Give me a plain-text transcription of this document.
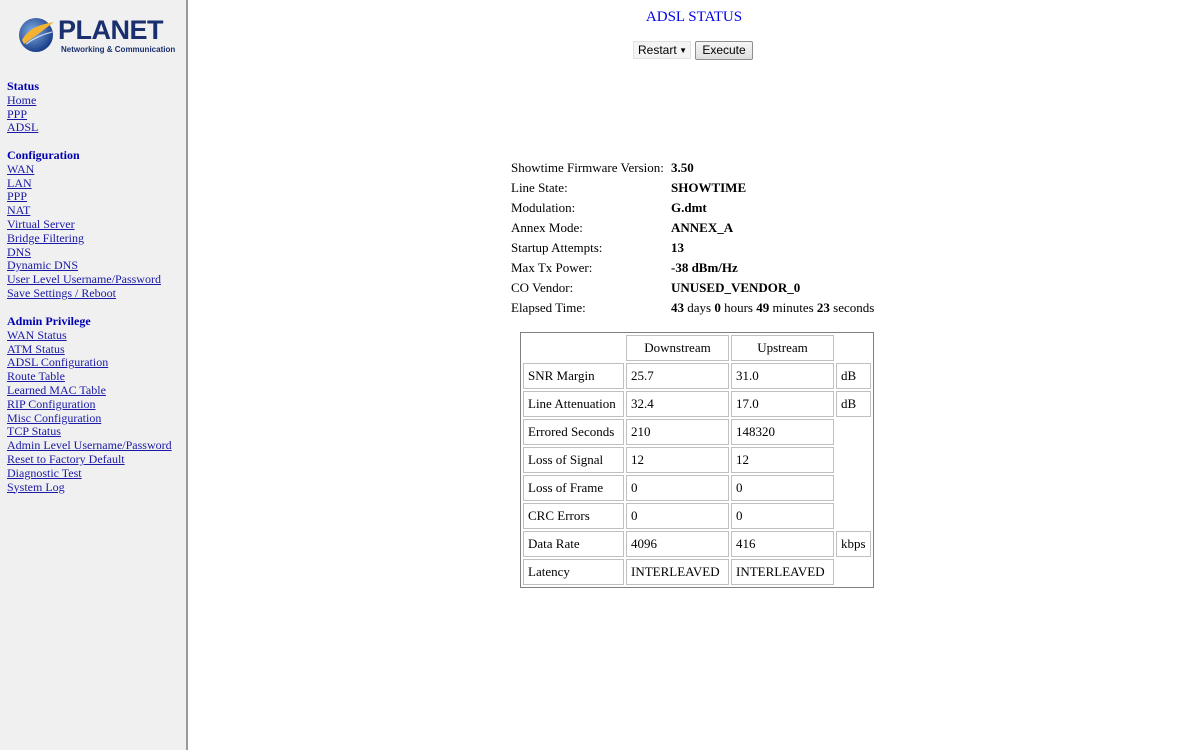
PLANET
Networking & Communication
Status
Home
PPP
ADSL
Configuration
WAN
LAN
PPP
NAT
Virtual Server
Bridge Filtering
DNS
Dynamic DNS
User Level Username/Password
Save Settings / Reboot
Admin Privilege
WAN Status
ATM Status
ADSL Configuration
Route Table
Learned MAC Table
RIP Configuration
Misc Configuration
TCP Status
Admin Level Username/Password
Reset to Factory Default
Diagnostic Test
System Log
ADSL STATUS
Restart ▼	Execute
Showtime Firmware Version: 3.50
Line State:	SHOWTIME
Modulation:	G.dmt
Annex Mode:	ANNEX_A
Startup Attempts:	13
Max Tx Power:	-38 dBm/Hz
CO Vendor:	UNUSED_VENDOR_0
Elapsed Time:	43 days 0 hours 49 minutes 23 seconds
	Downstream	Upstream	
SNR Margin	25.7	31.0	dB
Line Attenuation	32.4	17.0	dB
Errored Seconds	210	148320	
Loss of Signal	12	12	
Loss of Frame	0	0	
CRC Errors	0	0	
Data Rate	4096	416	kbps
Latency	INTERLEAVED	INTERLEAVED	
